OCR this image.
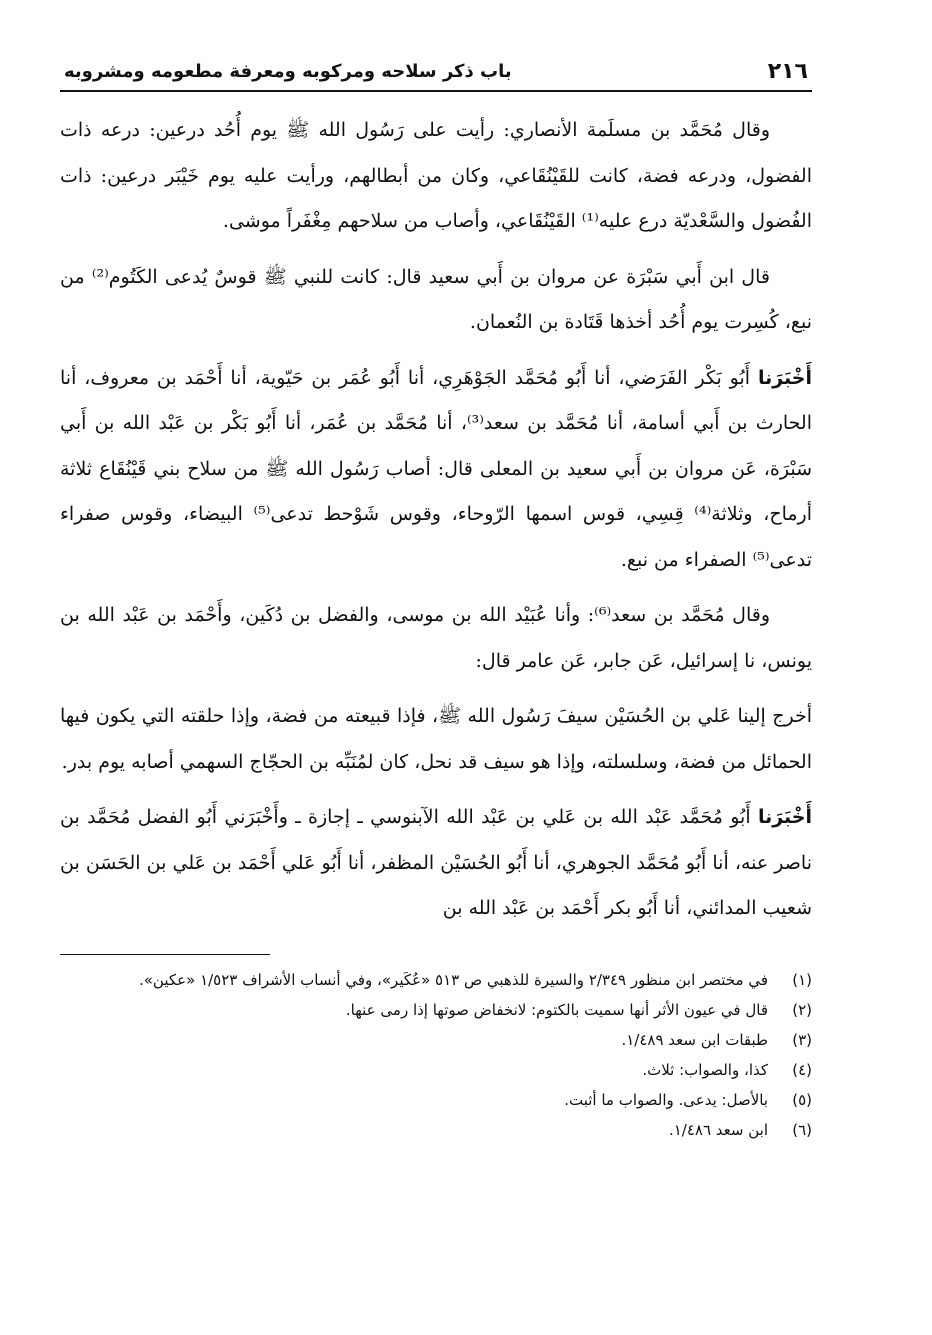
٢١٦
باب ذكر سلاحه ومركوبه ومعرفة مطعومه ومشروبه

وقال مُحَمَّد بن مسلَمة الأنصاري: رأيت على رَسُول الله ﷺ يوم أُحُد درعين: درعه ذات الفضول، ودرعه فضة، كانت للقَيْنُقَاعي، وكان من أبطالهم، ورأيت عليه يوم خَيْبَر درعين: ذات الفُضول والسَّعْديّة درع عليه⁽¹⁾ القَيْنُقَاعي، وأصاب من سلاحهم مِغْفَراً موشى.

قال ابن أَبي سَبْرَة عن مروان بن أَبي سعيد قال: كانت للنبي ﷺ قوسٌ يُدعى الكَتُوم⁽²⁾ من نبع، كُسِرت يوم أُحُد أخذها قَتَادة بن النُعمان.

أَخْبَرَنا أَبُو بَكْر الفَرَضي، أنا أَبُو مُحَمَّد الجَوْهَرِي، أنا أَبُو عُمَر بن حَيّوية، أنا أَحْمَد بن معروف، أنا الحارث بن أَبي أسامة، أنا مُحَمَّد بن سعد⁽³⁾، أنا مُحَمَّد بن عُمَر، أنا أَبُو بَكْر بن عَبْد الله بن أَبي سَبْرَة، عَن مروان بن أَبي سعيد بن المعلى قال: أصاب رَسُول الله ﷺ من سلاح بني قَيْنُقَاع ثلاثة أرماح، وثلاثة⁽⁴⁾ قِسِي، قوس اسمها الرّوحاء، وقوس شَوْحط تدعى⁽⁵⁾ البيضاء، وقوس صفراء تدعى⁽⁵⁾ الصفراء من نبع.

وقال مُحَمَّد بن سعد⁽⁶⁾: وأنا عُبَيْد الله بن موسى، والفضل بن دُكَين، وأَحْمَد بن عَبْد الله بن يونس، نا إسرائيل، عَن جابر، عَن عامر قال:

أخرج إلينا عَلي بن الحُسَيْن سيفَ رَسُول الله ﷺ، فإذا قبيعته من فضة، وإذا حلقته التي يكون فيها الحمائل من فضة، وسلسلته، وإذا هو سيف قد نحل، كان لمُنَبِّه بن الحجّاج السهمي أصابه يوم بدر.

أَخْبَرَنا أَبُو مُحَمَّد عَبْد الله بن عَلي بن عَبْد الله الآبنوسي ـ إجازة ـ وأَخْبَرَني أَبُو الفضل مُحَمَّد بن ناصر عنه، أنا أَبُو مُحَمَّد الجوهري، أنا أَبُو الحُسَيْن المظفر، أنا أَبُو عَلي أَحْمَد بن عَلي بن الحَسَن بن شعيب المدائني، أنا أَبُو بكر أَحْمَد بن عَبْد الله بن

(١)
في مختصر ابن منظور ٢/٣٤٩ والسيرة للذهبي ص ٥١٣ «عُكَير»، وفي أنساب الأشراف ١/٥٢٣ «عكين».
(٢)
قال في عيون الأثر أنها سميت بالكتوم: لانخفاض صوتها إذا رمى عنها.
(٣)
طبقات ابن سعد ١/٤٨٩.
(٤)
كذا، والصواب: ثلاث.
(٥)
بالأصل: يدعى. والصواب ما أثبت.
(٦)
ابن سعد ١/٤٨٦.
